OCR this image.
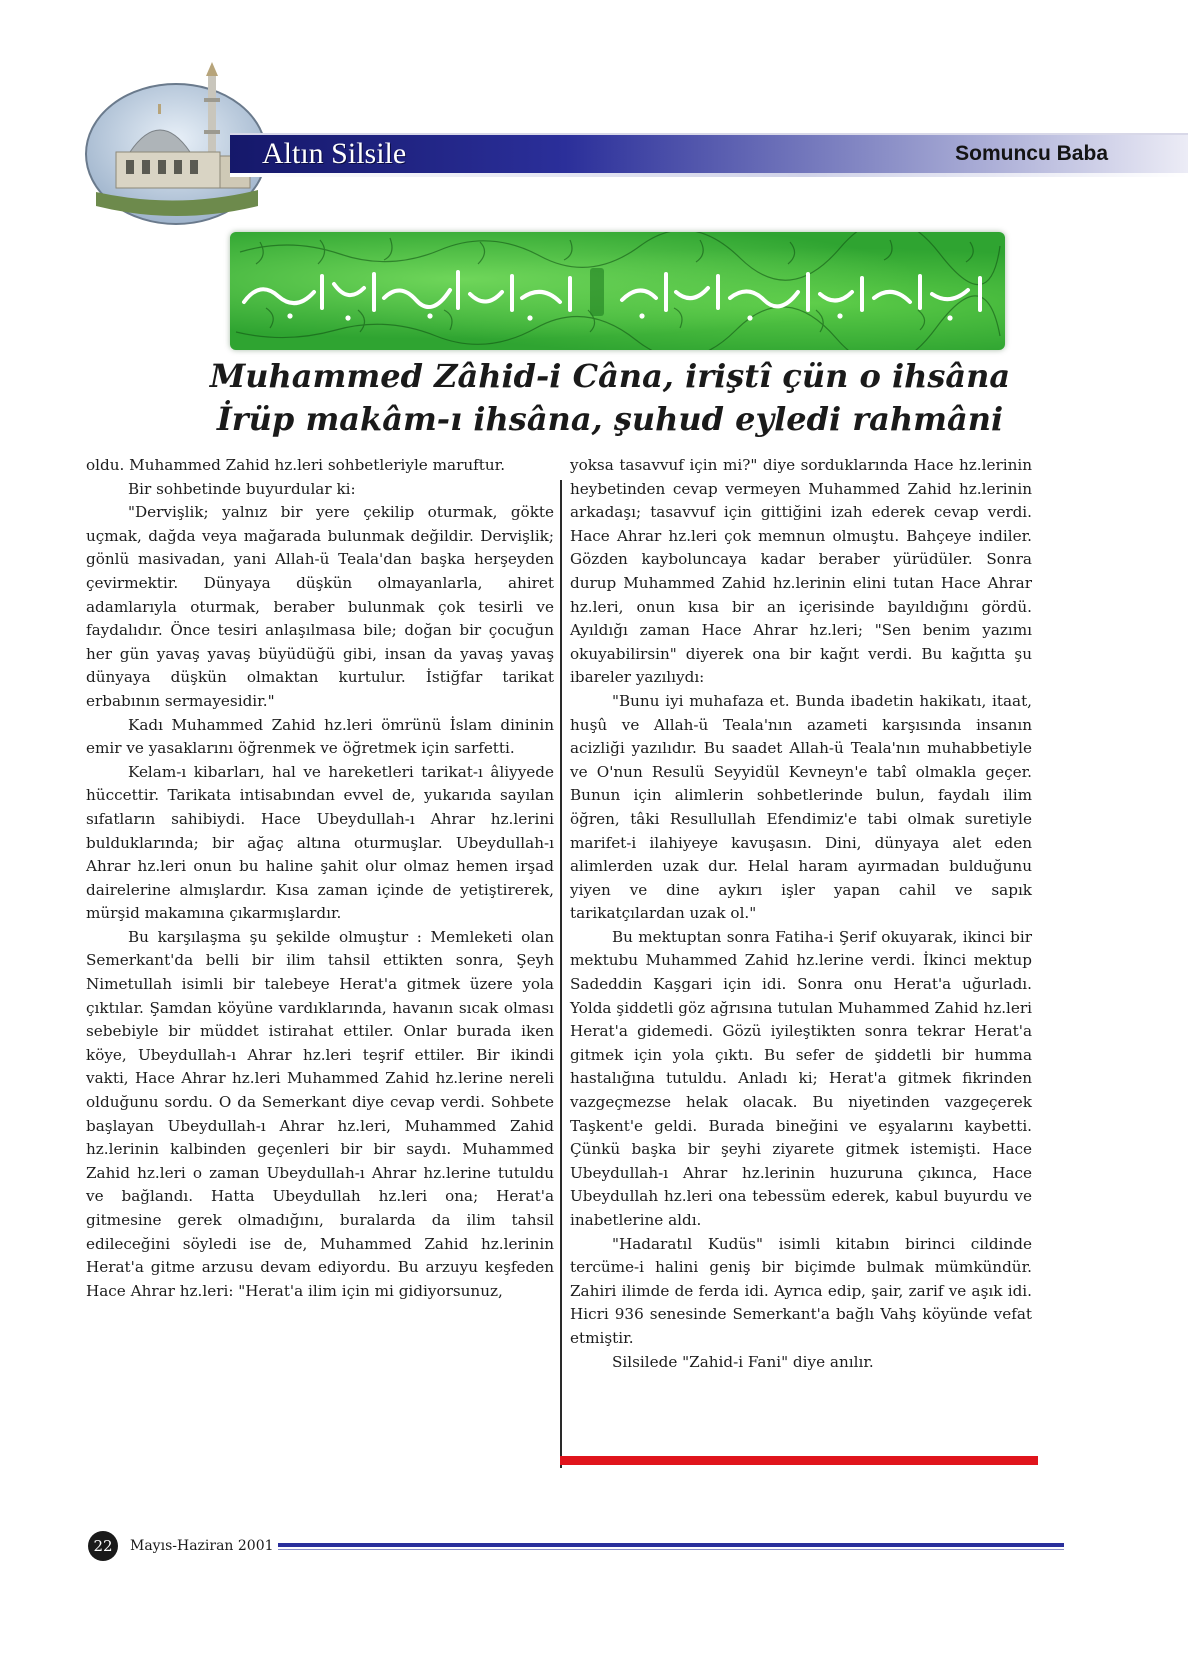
Altın Silsile	Somuncu Baba
Muhammed Zâhid-i Câna, iriştî çün o ihsâna
İrüp makâm-ı ihsâna, şuhud eyledi rahmâni

oldu. Muhammed Zahid hz.leri sohbetleriyle maruftur.

Bir sohbetinde buyurdular ki:

"Dervişlik; yalnız bir yere çekilip oturmak, gökte uçmak, dağda veya mağarada bulunmak değildir. Dervişlik; gönlü masivadan, yani Allah-ü Teala'dan başka herşeyden çevirmektir. Dünyaya düşkün olmayanlarla, ahiret adamlarıyla oturmak, beraber bulunmak çok tesirli ve faydalıdır. Önce tesiri anlaşılmasa bile; doğan bir çocuğun her gün yavaş yavaş büyüdüğü gibi, insan da yavaş yavaş dünyaya düşkün olmaktan kurtulur. İstiğfar tarikat erbabının sermayesidir."

Kadı Muhammed Zahid hz.leri ömrünü İslam dininin emir ve yasaklarını öğrenmek ve öğretmek için sarfetti.

Kelam-ı kibarları, hal ve hareketleri tarikat-ı âliyyede hüccettir. Tarikata intisabından evvel de, yukarıda sayılan sıfatların sahibiydi. Hace Ubeydullah-ı Ahrar hz.lerini bulduklarında; bir ağaç altına oturmuşlar. Ubeydullah-ı Ahrar hz.leri onun bu haline şahit olur olmaz hemen irşad dairelerine almışlardır. Kısa zaman içinde de yetiştirerek, mürşid makamına çıkarmışlardır.

Bu karşılaşma şu şekilde olmuştur : Memleketi olan Semerkant'da belli bir ilim tahsil ettikten sonra, Şeyh Nimetullah isimli bir talebeye Herat'a gitmek üzere yola çıktılar. Şamdan köyüne vardıklarında, havanın sıcak olması sebebiyle bir müddet istirahat ettiler. Onlar burada iken köye, Ubeydullah-ı Ahrar hz.leri teşrif ettiler. Bir ikindi vakti, Hace Ahrar hz.leri Muhammed Zahid hz.lerine nereli olduğunu sordu. O da Semerkant diye cevap verdi. Sohbete başlayan Ubeydullah-ı Ahrar hz.leri, Muhammed Zahid hz.lerinin kalbinden geçenleri bir bir saydı. Muhammed Zahid hz.leri o zaman Ubeydullah-ı Ahrar hz.lerine tutuldu ve bağlandı. Hatta Ubeydullah hz.leri ona; Herat'a gitmesine gerek olmadığını, buralarda da ilim tahsil edileceğini söyledi ise de, Muhammed Zahid hz.lerinin Herat'a gitme arzusu devam ediyordu. Bu arzuyu keşfeden Hace Ahrar hz.leri: "Herat'a ilim için mi gidiyorsunuz,

yoksa tasavvuf için mi?" diye sorduklarında Hace hz.lerinin heybetinden cevap vermeyen Muhammed Zahid hz.lerinin arkadaşı; tasavvuf için gittiğini izah ederek cevap verdi. Hace Ahrar hz.leri çok memnun olmuştu. Bahçeye indiler. Gözden kayboluncaya kadar beraber yürüdüler. Sonra durup Muhammed Zahid hz.lerinin elini tutan Hace Ahrar hz.leri, onun kısa bir an içerisinde bayıldığını gördü. Ayıldığı zaman Hace Ahrar hz.leri; "Sen benim yazımı okuyabilirsin" diyerek ona bir kağıt verdi. Bu kağıtta şu ibareler yazılıydı:

"Bunu iyi muhafaza et. Bunda ibadetin hakikatı, itaat, huşû ve Allah-ü Teala'nın azameti karşısında insanın acizliği yazılıdır. Bu saadet Allah-ü Teala'nın muhabbetiyle ve O'nun Resulü Seyyidül Kevneyn'e tabî olmakla geçer. Bunun için alimlerin sohbetlerinde bulun, faydalı ilim öğren, tâki Resullullah Efendimiz'e tabi olmak suretiyle marifet-i ilahiyeye kavuşasın. Dini, dünyaya alet eden alimlerden uzak dur. Helal haram ayırmadan bulduğunu yiyen ve dine aykırı işler yapan cahil ve sapık tarikatçılardan uzak ol."

Bu mektuptan sonra Fatiha-i Şerif okuyarak, ikinci bir mektubu Muhammed Zahid hz.lerine verdi. İkinci mektup Sadeddin Kaşgari için idi. Sonra onu Herat'a uğurladı. Yolda şiddetli göz ağrısına tutulan Muhammed Zahid hz.leri Herat'a gidemedi. Gözü iyileştikten sonra tekrar Herat'a gitmek için yola çıktı. Bu sefer de şiddetli bir humma hastalığına tutuldu. Anladı ki; Herat'a gitmek fikrinden vazgeçmezse helak olacak. Bu niyetinden vazgeçerek Taşkent'e geldi. Burada bineğini ve eşyalarını kaybetti. Çünkü başka bir şeyhi ziyarete gitmek istemişti. Hace Ubeydullah-ı Ahrar hz.lerinin huzuruna çıkınca, Hace Ubeydullah hz.leri ona tebessüm ederek, kabul buyurdu ve inabetlerine aldı.

"Hadaratıl Kudüs" isimli kitabın birinci cildinde tercüme-i halini geniş bir biçimde bulmak mümkündür. Zahiri ilimde de ferda idi. Ayrıca edip, şair, zarif ve aşık idi. Hicri 936 senesinde Semerkant'a bağlı Vahş köyünde vefat etmiştir.

Silsilede "Zahid-i Fani" diye anılır.

22	Mayıs-Haziran 2001
